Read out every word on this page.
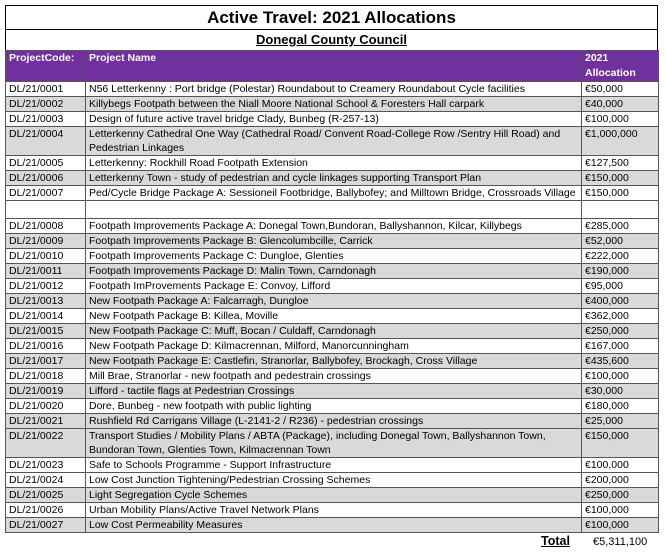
Active Travel: 2021 Allocations
Donegal County Council
ProjectCode:	Project Name	2021 Allocation
DL/21/0001	N56 Letterkenny : Port bridge (Polestar) Roundabout to Creamery Roundabout Cycle facilities	€50,000
DL/21/0002	Killybegs Footpath between the Niall Moore National School & Foresters Hall carpark	€40,000
DL/21/0003	Design of future active travel bridge Clady, Bunbeg (R-257-13)	€100,000
DL/21/0004	Letterkenny Cathedral One Way (Cathedral Road/ Convent Road-College Row /Sentry Hill Road) and Pedestrian Linkages	€1,000,000
DL/21/0005	Letterkenny: Rockhill Road Footpath Extension	€127,500
DL/21/0006	Letterkenny Town - study of pedestrian and cycle linkages supporting Transport Plan	€150,000
DL/21/0007	Ped/Cycle Bridge Package A: Sessioneil Footbridge, Ballybofey; and Milltown Bridge, Crossroads Village	€150,000

DL/21/0008	Footpath Improvements Package A: Donegal Town,Bundoran, Ballyshannon, Kilcar, Killybegs	€285,000
DL/21/0009	Footpath Improvements Package B: Glencolumbcille, Carrick	€52,000
DL/21/0010	Footpath Improvements Package C: Dungloe, Glenties	€222,000
DL/21/0011	Footpath Improvements Package D: Malin Town, Carndonagh	€190,000
DL/21/0012	Footpath ImProvements Package E: Convoy, Lifford	€95,000
DL/21/0013	New Footpath Package A: Falcarragh, Dungloe	€400,000
DL/21/0014	New Footpath Package B: Killea, Moville	€362,000
DL/21/0015	New Footpath Package C: Muff, Bocan / Culdaff, Carndonagh	€250,000
DL/21/0016	New Footpath Package D: Kilmacrennan, Milford, Manorcunningham	€167,000
DL/21/0017	New Footpath Package E: Castlefin, Stranorlar, Ballybofey, Brockagh, Cross Village	€435,600
DL/21/0018	Mill Brae, Stranorlar - new footpath and pedestrain crossings	€100,000
DL/21/0019	Lifford - tactile flags at Pedestrian Crossings	€30,000
DL/21/0020	Dore, Bunbeg - new footpath with public lighting	€180,000
DL/21/0021	Rushfield Rd Carrigans Village (L-2141-2 / R236) - pedestrian crossings	€25,000
DL/21/0022	Transport Studies / Mobility Plans / ABTA (Package), including Donegal Town, Ballyshannon Town, Bundoran Town, Glenties Town, Kilmacrennan Town	€150,000
DL/21/0023	Safe to Schools Programme - Support Infrastructure	€100,000
DL/21/0024	Low Cost Junction Tightening/Pedestrian Crossing Schemes	€200,000
DL/21/0025	Light Segregation Cycle Schemes	€250,000
DL/21/0026	Urban Mobility Plans/Active Travel Network Plans	€100,000
DL/21/0027	Low Cost Permeability Measures	€100,000
Total €5,311,100
